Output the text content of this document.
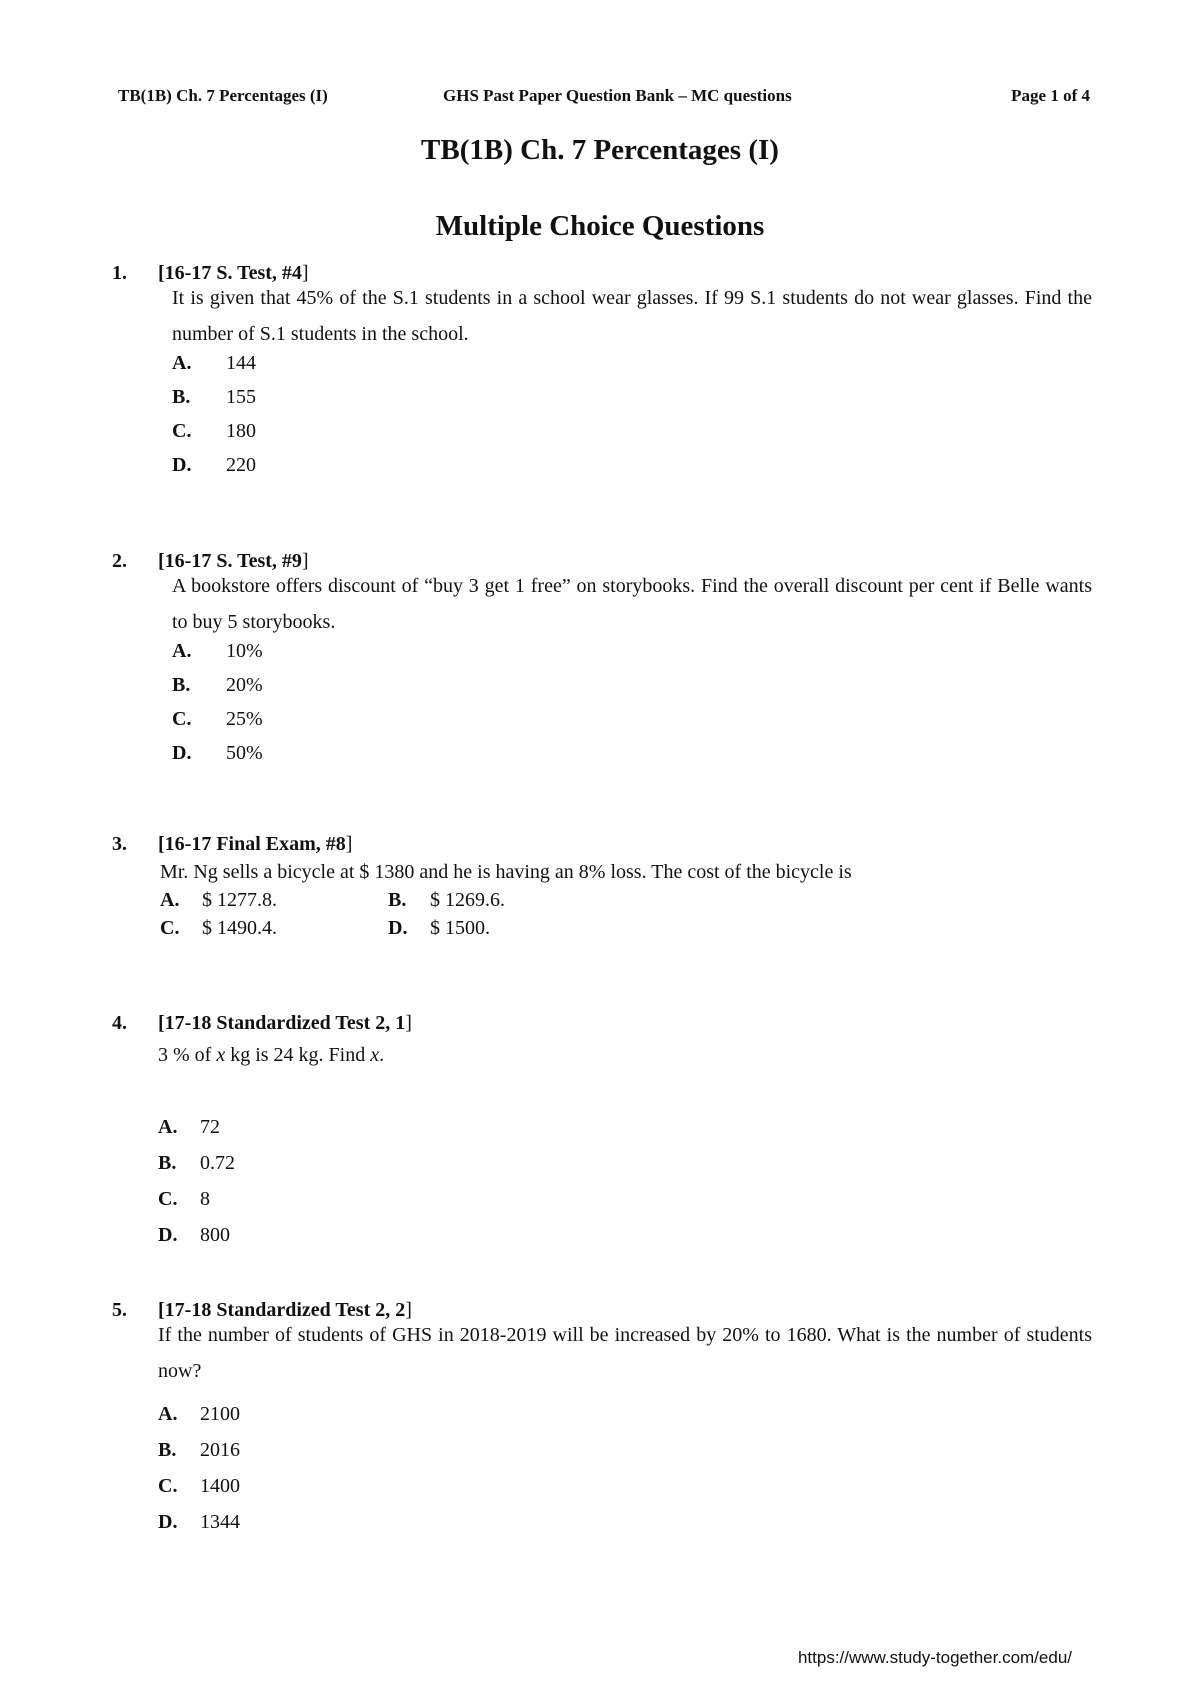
TB(1B) Ch. 7 Percentages (I)	GHS Past Paper Question Bank – MC questions	Page 1 of 4
TB(1B) Ch. 7 Percentages (I)
Multiple Choice Questions
1. [16-17 S. Test, #4]
It is given that 45% of the S.1 students in a school wear glasses. If 99 S.1 students do not wear glasses. Find the number of S.1 students in the school.
A. 144
B. 155
C. 180
D. 220
2. [16-17 S. Test, #9]
A bookstore offers discount of “buy 3 get 1 free” on storybooks. Find the overall discount per cent if Belle wants to buy 5 storybooks.
A. 10%
B. 20%
C. 25%
D. 50%
3. [16-17 Final Exam, #8]
Mr. Ng sells a bicycle at $ 1380 and he is having an 8% loss. The cost of the bicycle is
A. $ 1277.8.	B. $ 1269.6.
C. $ 1490.4.	D. $ 1500.
4. [17-18 Standardized Test 2, 1]
3 % of x kg is 24 kg. Find x.
A. 72
B. 0.72
C. 8
D. 800
5. [17-18 Standardized Test 2, 2]
If the number of students of GHS in 2018-2019 will be increased by 20% to 1680. What is the number of students now?
A. 2100
B. 2016
C. 1400
D. 1344
https://www.study-together.com/edu/
